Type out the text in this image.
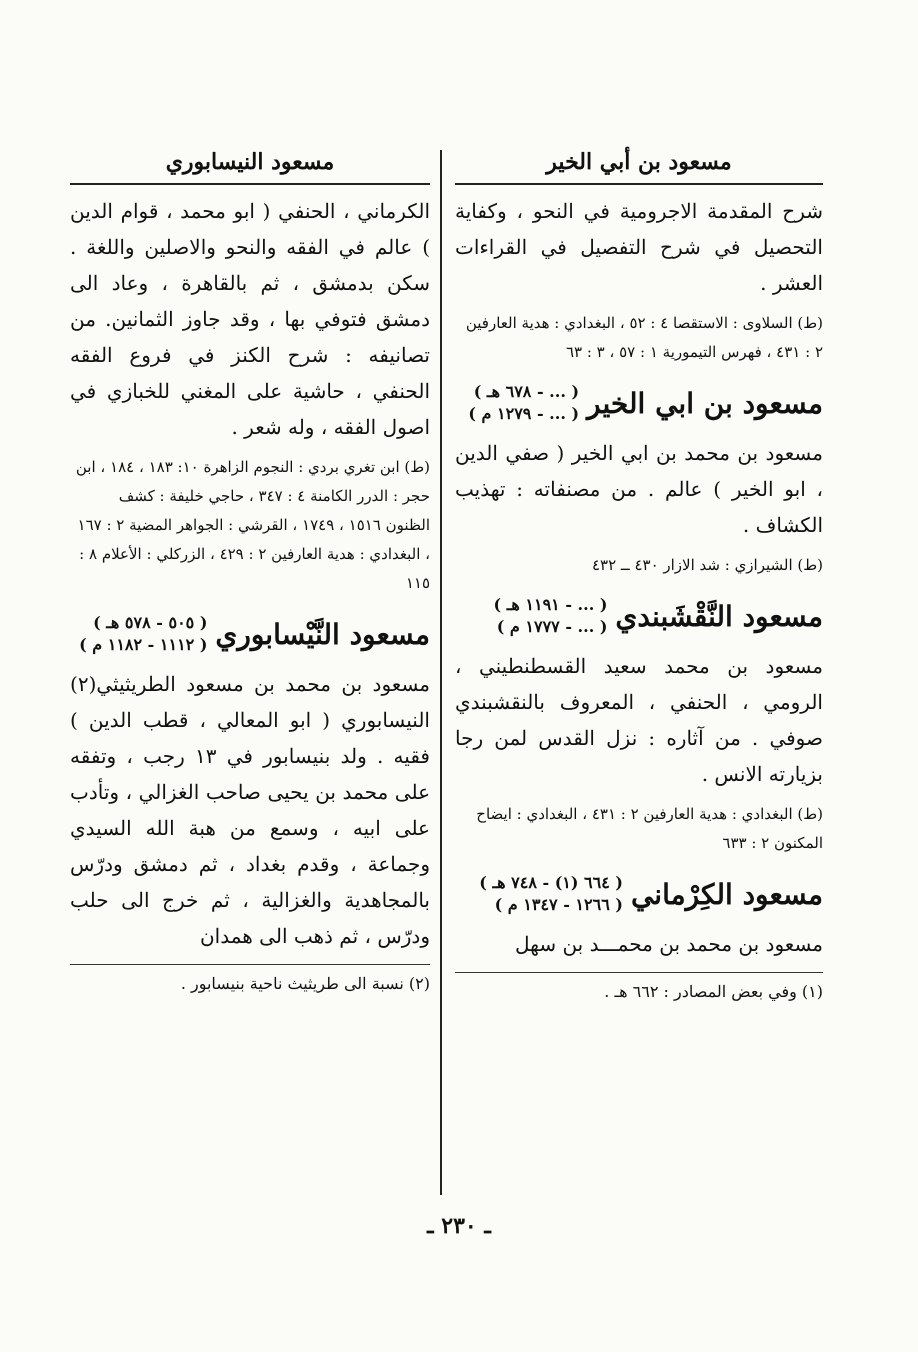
مسعود بن أبي الخير

شرح المقدمة الاجرومية في النحو ، وكفاية التحصيل في شرح التفصيل في القراءات العشر .

(ط) السلاوى : الاستقصا ٤ : ٥٢ ، البغدادي : هدية العارفين ٢ : ٤٣١ ، فهرس التيمورية ١ : ٥٧ ، ٣ : ٦٣

مسعود بن ابي الخير
( ... - ٦٧٨ هـ )
( ... - ١٢٧٩ م )

مسعود بن محمد بن ابي الخير ( صفي الدين ، ابو الخير ) عالم . من مصنفاته : تهذيب الكشاف .

(ط) الشيرازي : شد الازار ٤٣٠ ــ ٤٣٢

مسعود النَّقْشَبندي
( ... - ١١٩١ هـ )
( ... - ١٧٧٧ م )

مسعود بن محمد سعيد القسطنطيني ، الرومي ، الحنفي ، المعروف بالنقشبندي صوفي . من آثاره : نزل القدس لمن رجا بزيارته الانس .

(ط) البغدادي : هدية العارفين ٢ : ٤٣١ ، البغدادي : ايضاح المكنون ٢ : ٦٣٣

مسعود الكِرْماني
( ٦٦٤ (١) - ٧٤٨ هـ )
( ١٢٦٦ - ١٣٤٧ م )

مسعود بن محمد بن محمـــد بن سهل

(١) وفي بعض المصادر : ٦٦٢ هـ .

مسعود النيسابوري

الكرماني ، الحنفي ( ابو محمد ، قوام الدين ) عالم في الفقه والنحو والاصلين واللغة . سكن بدمشق ، ثم بالقاهرة ، وعاد الى دمشق فتوفي بها ، وقد جاوز الثمانين. من تصانيفه : شرح الكنز في فروع الفقه الحنفي ، حاشية على المغني للخبازي في اصول الفقه ، وله شعر .

(ط) ابن تغري بردي : النجوم الزاهرة ١٠: ١٨٣ ، ١٨٤ ، ابن حجر : الدرر الكامنة ٤ : ٣٤٧ ، حاجي خليفة : كشف الظنون ١٥١٦ ، ١٧٤٩ ، القرشي : الجواهر المضية ٢ : ١٦٧ ، البغدادي : هدية العارفين ٢ : ٤٢٩ ، الزركلي : الأعلام ٨ : ١١٥

مسعود النَّيْسابوري
( ٥٠٥ - ٥٧٨ هـ )
( ١١١٢ - ١١٨٢ م )

مسعود بن محمد بن مسعود الطريثيثي(٢) النيسابوري ( ابو المعالي ، قطب الدين ) فقيه . ولد بنيسابور في ١٣ رجب ، وتفقه على محمد بن يحيى صاحب الغزالي ، وتأدب على ابيه ، وسمع من هبة الله السيدي وجماعة ، وقدم بغداد ، ثم دمشق ودرّس بالمجاهدية والغزالية ، ثم خرج الى حلب ودرّس ، ثم ذهب الى همدان

(٢) نسبة الى طريثيث ناحية بنيسابور .

ـ ٢٣٠ ـ
